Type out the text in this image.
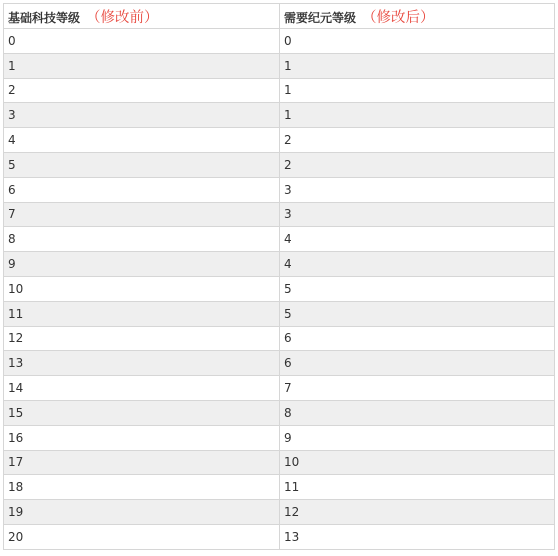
基础科技等级 （修改前）	需要纪元等级 （修改后）
0	0
1	1
2	1
3	1
4	2
5	2
6	3
7	3
8	4
9	4
10	5
11	5
12	6
13	6
14	7
15	8
16	9
17	10
18	11
19	12
20	13
